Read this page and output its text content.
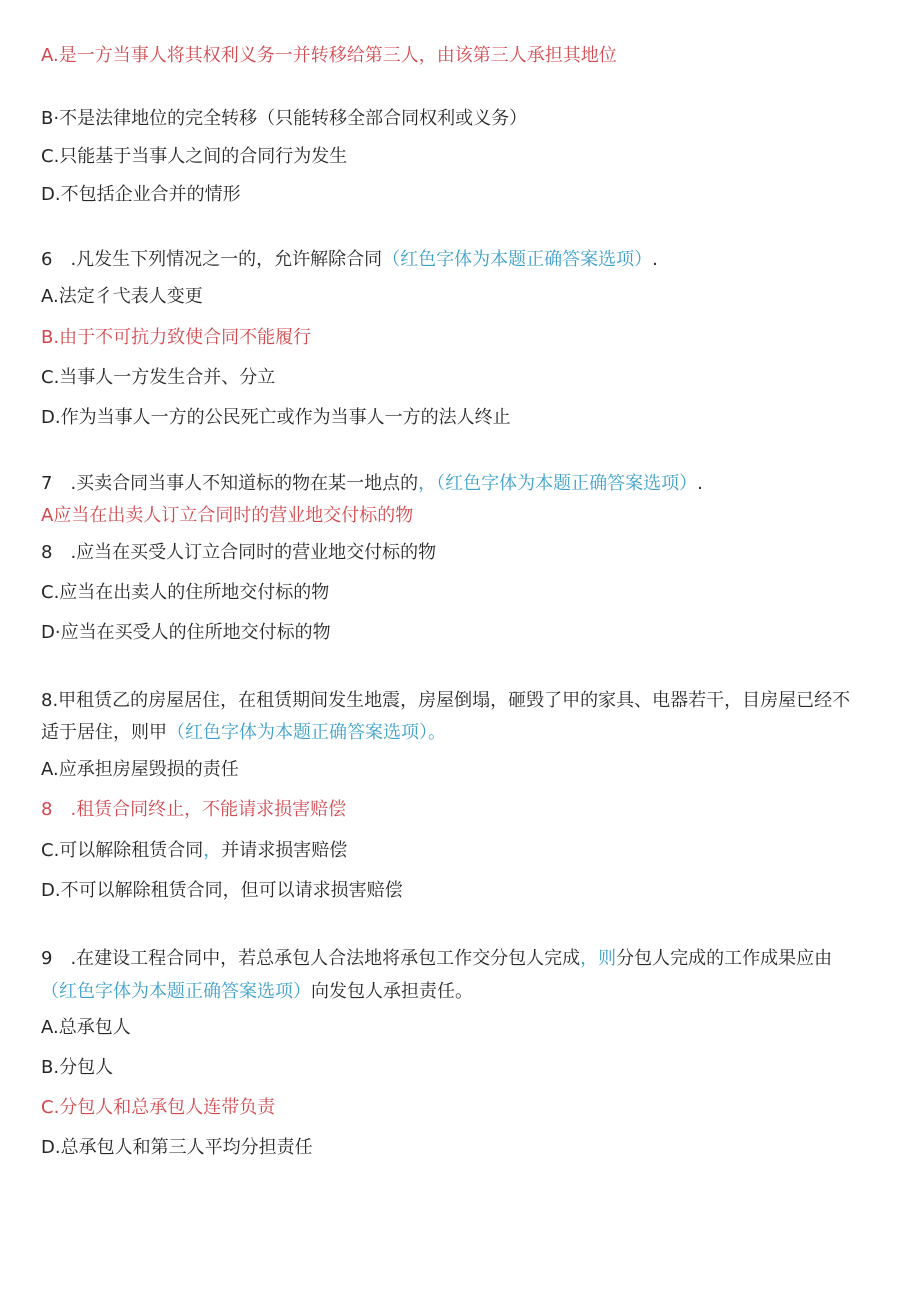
A.是一方当事人将其权利义务一并转移给第三人，由该第三人承担其地位
B·不是法律地位的完全转移（只能转移全部合同权利或义务）
C.只能基于当事人之间的合同行为发生
D.不包括企业合并的情形
6　.凡发生下列情况之一的，允许解除合同（红色字体为本题正确答案选项）.
A.法定彳弋表人变更
B.由于不可抗力致使合同不能履行
C.当事人一方发生合并、分立
D.作为当事人一方的公民死亡或作为当事人一方的法人终止
7　.买卖合同当事人不知道标的物在某一地点的，（红色字体为本题正确答案选项）.
A应当在出卖人订立合同时的营业地交付标的物
8　.应当在买受人订立合同时的营业地交付标的物
C.应当在出卖人的住所地交付标的物
D·应当在买受人的住所地交付标的物
8.甲租赁乙的房屋居住，在租赁期间发生地震，房屋倒塌，砸毁了甲的家具、电器若干，目房屋已经不
适于居住，则甲（红色字体为本题正确答案选项）。
A.应承担房屋毁损的责任
8　.租赁合同终止，不能请求损害赔偿
C.可以解除租赁合同，并请求损害赔偿
D.不可以解除租赁合同，但可以请求损害赔偿
9　.在建设工程合同中，若总承包人合法地将承包工作交分包人完成，则分包人完成的工作成果应由
（红色字体为本题正确答案选项）向发包人承担责任。
A.总承包人
B.分包人
C.分包人和总承包人连带负责
D.总承包人和第三人平均分担责任
